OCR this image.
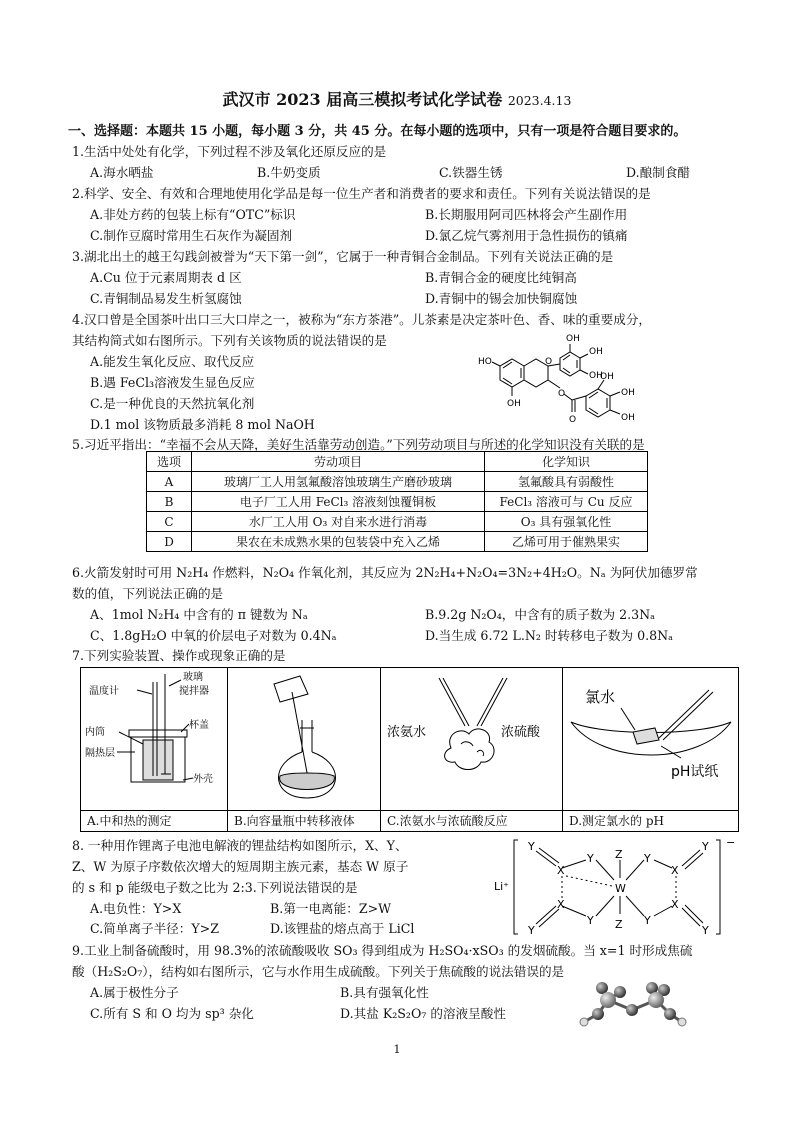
武汉市 2023 届高三模拟考试化学试卷 2023.4.13
一、选择题：本题共 15 小题，每小题 3 分，共 45 分。在每小题的选项中，只有一项是符合题目要求的。
1.生活中处处有化学，下列过程不涉及氧化还原反应的是
A.海水晒盐	B.牛奶变质	C.铁器生锈	D.酿制食醋
2.科学、安全、有效和合理地使用化学品是每一位生产者和消费者的要求和责任。下列有关说法错误的是
A.非处方药的包装上标有“OTC”标识	B.长期服用阿司匹林将会产生副作用
C.制作豆腐时常用生石灰作为凝固剂	D.氯乙烷气雾剂用于急性损伤的镇痛
3.湖北出土的越王勾践剑被誉为“天下第一剑”，它属于一种青铜合金制品。下列有关说法正确的是
A.Cu 位于元素周期表 d 区	B.青铜合金的硬度比纯铜高
C.青铜制品易发生析氢腐蚀	D.青铜中的锡会加快铜腐蚀
4.汉口曾是全国茶叶出口三大口岸之一，被称为“东方茶港”。儿茶素是决定茶叶色、香、味的重要成分，
其结构简式如右图所示。下列有关该物质的说法错误的是
A.能发生氧化反应、取代反应
B.遇 FeCl₃溶液发生显色反应
C.是一种优良的天然抗氧化剂
D.1 mol 该物质最多消耗 8 mol NaOH
OH
OH
OH
HO	O
OH
OH
OH
OH
O
O
5.习近平指出：“幸福不会从天降，美好生活靠劳动创造。”下列劳动项目与所述的化学知识没有关联的是
选项	劳动项目	化学知识
A	玻璃厂工人用氢氟酸溶蚀玻璃生产磨砂玻璃	氢氟酸具有弱酸性
B	电子厂工人用 FeCl₃ 溶液刻蚀覆铜板	FeCl₃ 溶液可与 Cu 反应
C	水厂工人用 O₃ 对自来水进行消毒	O₃ 具有强氧化性
D	果农在未成熟水果的包装袋中充入乙烯	乙烯可用于催熟果实
6.火箭发射时可用 N₂H₄ 作燃料，N₂O₄ 作氧化剂，其反应为 2N₂H₄+N₂O₄=3N₂+4H₂O。Nₐ 为阿伏加德罗常
数的值，下列说法正确的是
A、1mol N₂H₄ 中含有的 π 键数为 Nₐ	B.9.2g N₂O₄，中含有的质子数为 2.3Nₐ
C、1.8gH₂O 中氧的价层电子对数为 0.4Nₐ	D.当生成 6.72 L.N₂ 时转移电子数为 0.8Nₐ
7.下列实验装置、操作或现象正确的是
温度计
玻璃
搅拌器
内筒
杯盖
隔热层
外壳
A.中和热的测定	B.向容量瓶中转移液体
浓氨水	浓硫酸
C.浓氨水与浓硫酸反应
氯水
pH试纸
D.测定氯水的 pH
8. 一种用作锂离子电池电解液的锂盐结构如图所示，X、Y、
Z、W 为原子序数依次增大的短周期主族元素，基态 W 原子
的 s 和 p 能级电子数之比为 2:3.下列说法错误的是
A.电负性：Y>X	B.第一电离能：Z>W
C.简单离子半径：Y>Z	D.该锂盐的熔点高于 LiCl
Li⁺
−
Y
X
Y Z
W
Z
Y
X
Y
X
Y	Y
X
Y	Y
9.工业上制备硫酸时，用 98.3%的浓硫酸吸收 SO₃ 得到组成为 H₂SO₄·xSO₃ 的发烟硫酸。当 x=1 时形成焦硫
酸（H₂S₂O₇），结构如右图所示，它与水作用生成硫酸。下列关于焦硫酸的说法错误的是
A.属于极性分子	B.具有强氧化性
C.所有 S 和 O 均为 sp³ 杂化	D.其盐 K₂S₂O₇ 的溶液呈酸性
1
